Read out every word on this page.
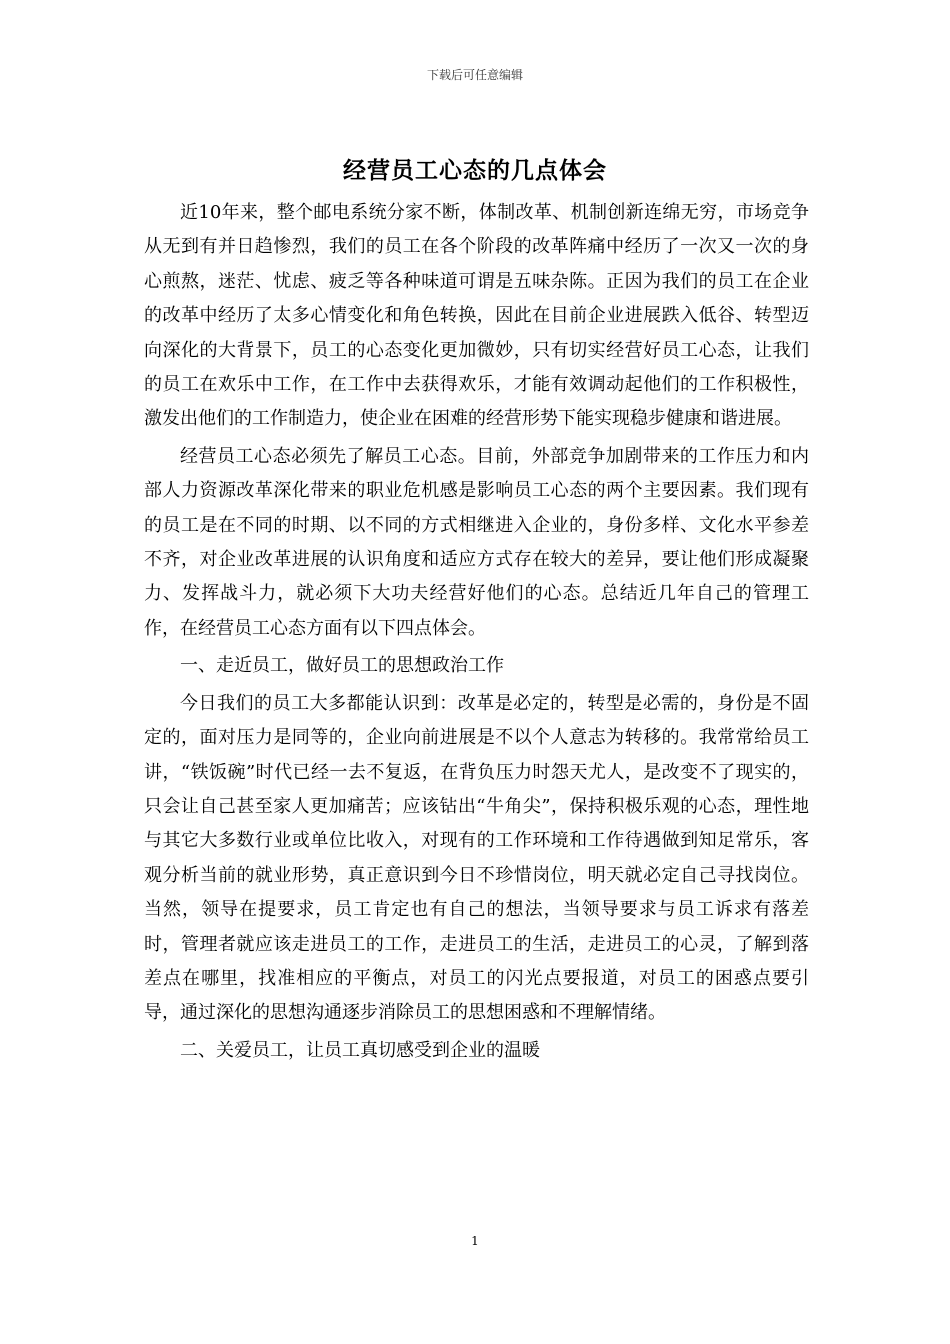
下载后可任意编辑
经营员工心态的几点体会

近10年来，整个邮电系统分家不断，体制改革、机制创新连绵无穷，市场竞争从无到有并日趋惨烈，我们的员工在各个阶段的改革阵痛中经历了一次又一次的身心煎熬，迷茫、忧虑、疲乏等各种味道可谓是五味杂陈。正因为我们的员工在企业的改革中经历了太多心情变化和角色转换，因此在目前企业进展跌入低谷、转型迈向深化的大背景下，员工的心态变化更加微妙，只有切实经营好员工心态，让我们的员工在欢乐中工作，在工作中去获得欢乐，才能有效调动起他们的工作积极性，激发出他们的工作制造力，使企业在困难的经营形势下能实现稳步健康和谐进展。

经营员工心态必须先了解员工心态。目前，外部竞争加剧带来的工作压力和内部人力资源改革深化带来的职业危机感是影响员工心态的两个主要因素。我们现有的员工是在不同的时期、以不同的方式相继进入企业的，身份多样、文化水平参差不齐，对企业改革进展的认识角度和适应方式存在较大的差异，要让他们形成凝聚力、发挥战斗力，就必须下大功夫经营好他们的心态。总结近几年自己的管理工作，在经营员工心态方面有以下四点体会。

一、走近员工，做好员工的思想政治工作

今日我们的员工大多都能认识到：改革是必定的，转型是必需的，身份是不固定的，面对压力是同等的，企业向前进展是不以个人意志为转移的。我常常给员工讲，“铁饭碗”时代已经一去不复返，在背负压力时怨天尤人，是改变不了现实的，只会让自己甚至家人更加痛苦；应该钻出“牛角尖”，保持积极乐观的心态，理性地与其它大多数行业或单位比收入，对现有的工作环境和工作待遇做到知足常乐，客观分析当前的就业形势，真正意识到今日不珍惜岗位，明天就必定自己寻找岗位。当然，领导在提要求，员工肯定也有自己的想法，当领导要求与员工诉求有落差时，管理者就应该走进员工的工作，走进员工的生活，走进员工的心灵，了解到落差点在哪里，找准相应的平衡点，对员工的闪光点要报道，对员工的困惑点要引导，通过深化的思想沟通逐步消除员工的思想困惑和不理解情绪。

二、关爱员工，让员工真切感受到企业的温暖

1
